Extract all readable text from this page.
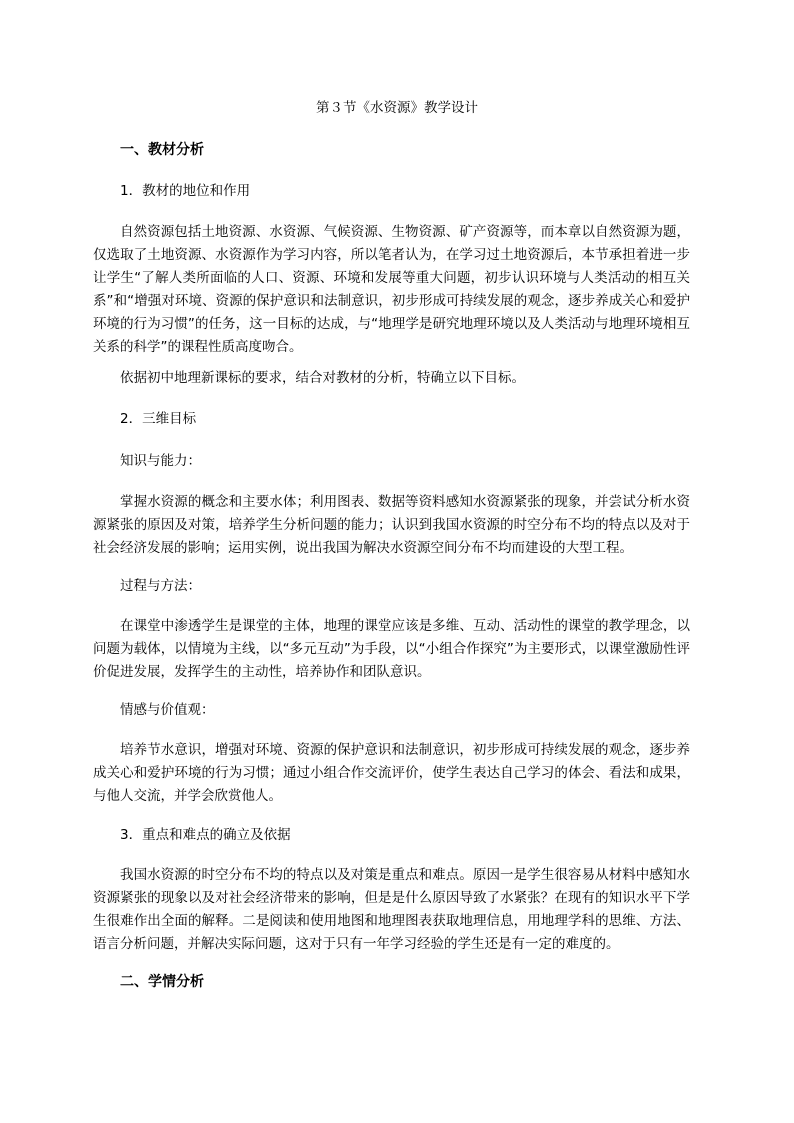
第３节《水资源》教学设计
一、教材分析
1．教材的地位和作用

自然资源包括土地资源、水资源、气候资源、生物资源、矿产资源等，而本章以自然资源为题，仅选取了土地资源、水资源作为学习内容，所以笔者认为，在学习过土地资源后，本节承担着进一步让学生“了解人类所面临的人口、资源、环境和发展等重大问题，初步认识环境与人类活动的相互关系”和“增强对环境、资源的保护意识和法制意识，初步形成可持续发展的观念，逐步养成关心和爱护环境的行为习惯”的任务，这一目标的达成，与“地理学是研究地理环境以及人类活动与地理环境相互关系的科学”的课程性质高度吻合。

依据初中地理新课标的要求，结合对教材的分析，特确立以下目标。

2．三维目标
知识与能力：

掌握水资源的概念和主要水体；利用图表、数据等资料感知水资源紧张的现象，并尝试分析水资源紧张的原因及对策，培养学生分析问题的能力；认识到我国水资源的时空分布不均的特点以及对于社会经济发展的影响；运用实例，说出我国为解决水资源空间分布不均而建设的大型工程。

过程与方法：

在课堂中渗透学生是课堂的主体，地理的课堂应该是多维、互动、活动性的课堂的教学理念，以问题为载体，以情境为主线，以“多元互动”为手段，以“小组合作探究”为主要形式，以课堂激励性评价促进发展，发挥学生的主动性，培养协作和团队意识。

情感与价值观：

培养节水意识，增强对环境、资源的保护意识和法制意识，初步形成可持续发展的观念，逐步养成关心和爱护环境的行为习惯；通过小组合作交流评价，使学生表达自己学习的体会、看法和成果，与他人交流，并学会欣赏他人。

3．重点和难点的确立及依据

我国水资源的时空分布不均的特点以及对策是重点和难点。原因一是学生很容易从材料中感知水资源紧张的现象以及对社会经济带来的影响，但是是什么原因导致了水紧张？在现有的知识水平下学生很难作出全面的解释。二是阅读和使用地图和地理图表获取地理信息，用地理学科的思维、方法、语言分析问题，并解决实际问题，这对于只有一年学习经验的学生还是有一定的难度的。

二、学情分析
